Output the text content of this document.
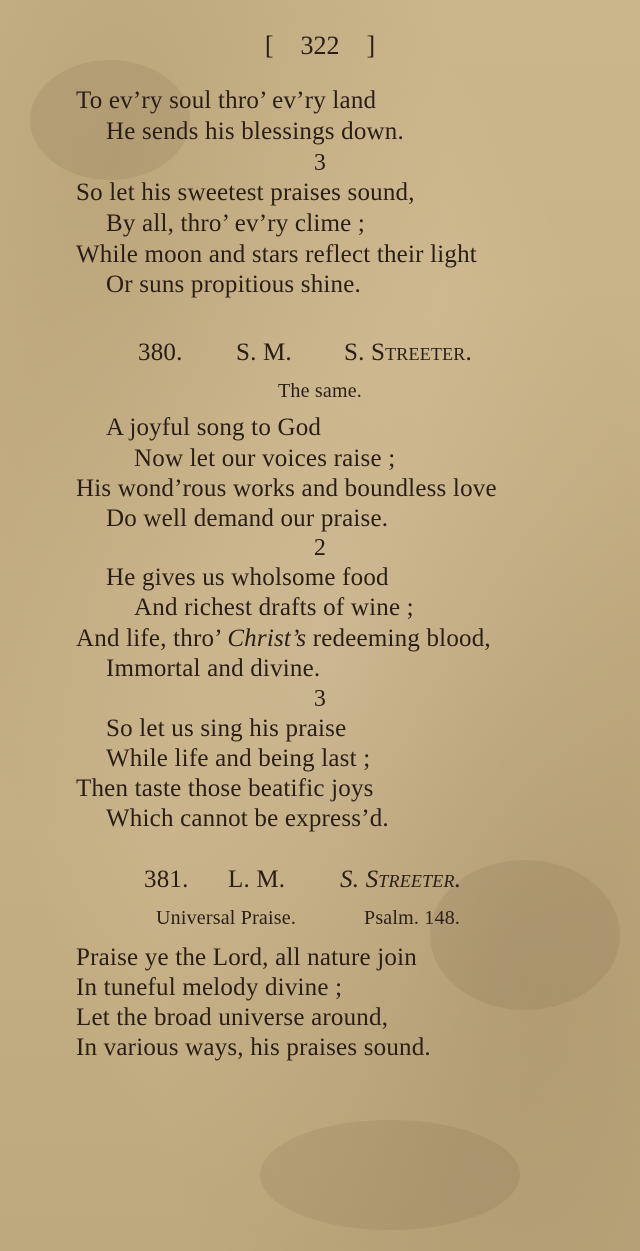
[ 322 ]
To ev’ry soul thro’ ev’ry land
He sends his blessings down.
3
So let his sweetest praises sound,
By all, thro’ ev’ry clime ;
While moon and stars reflect their light
Or suns propitious shine.
380. S. M. S. Streeter.
The same.
A joyful song to God
Now let our voices raise ;
His wond’rous works and boundless love
Do well demand our praise.
2
He gives us wholsome food
And richest drafts of wine ;
And life, thro’ Christ’s redeeming blood,
Immortal and divine.
3
So let us sing his praise
While life and being last ;
Then taste those beatific joys
Which cannot be express’d.
381. L. M. S. Streeter.
Universal Praise.	Psalm. 148.
Praise ye the Lord, all nature join
In tuneful melody divine ;
Let the broad universe around,
In various ways, his praises sound.
